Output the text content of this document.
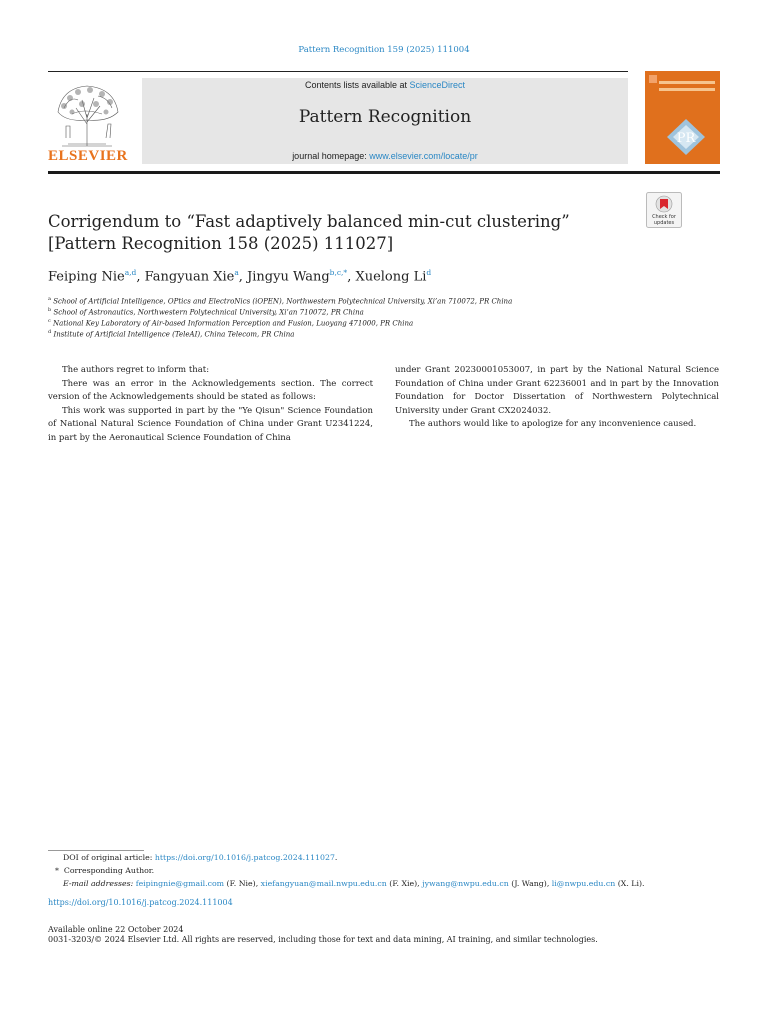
Pattern Recognition 159 (2025) 111004
ELSEVIER
Contents lists available at ScienceDirect
Pattern Recognition
journal homepage: www.elsevier.com/locate/pr
PR
Check for
updates
Corrigendum to “Fast adaptively balanced min-cut clustering” [Pattern Recognition 158 (2025) 111027]
Feiping Nie$^{a,d}$, Fangyuan Xie$^a$, Jingyu Wang$^{b,c,*}$, Xuelong Li$^d$
$^a$ School of Artificial Intelligence, OPtics and ElectroNics (iOPEN), Northwestern Polytechnical University, Xi’an 710072, PR China
$^b$ School of Astronautics, Northwestern Polytechnical University, Xi’an 710072, PR China
$^c$ National Key Laboratory of Air-based Information Perception and Fusion, Luoyang 471000, PR China
$^d$ Institute of Artificial Intelligence (TeleAI), China Telecom, PR China

The authors regret to inform that:

There was an error in the Acknowledgements section. The correct version of the Acknowledgements should be stated as follows:

This work was supported in part by the "Ye Qisun" Science Foundation of National Natural Science Foundation of China under Grant U2341224, in part by the Aeronautical Science Foundation of China

under Grant 20230001053007, in part by the National Natural Science Foundation of China under Grant 62236001 and in part by the Innovation Foundation for Doctor Dissertation of Northwestern Polytechnical University under Grant CX2024032.

The authors would like to apologize for any inconvenience caused.

DOI of original article: https://doi.org/10.1016/j.patcog.2024.111027.
* Corresponding Author.
E-mail addresses: feipingnie@gmail.com (F. Nie), xiefangyuan@mail.nwpu.edu.cn (F. Xie), jywang@nwpu.edu.cn (J. Wang), li@nwpu.edu.cn (X. Li).
https://doi.org/10.1016/j.patcog.2024.111004
Available online 22 October 2024
0031-3203/© 2024 Elsevier Ltd. All rights are reserved, including those for text and data mining, AI training, and similar technologies.
